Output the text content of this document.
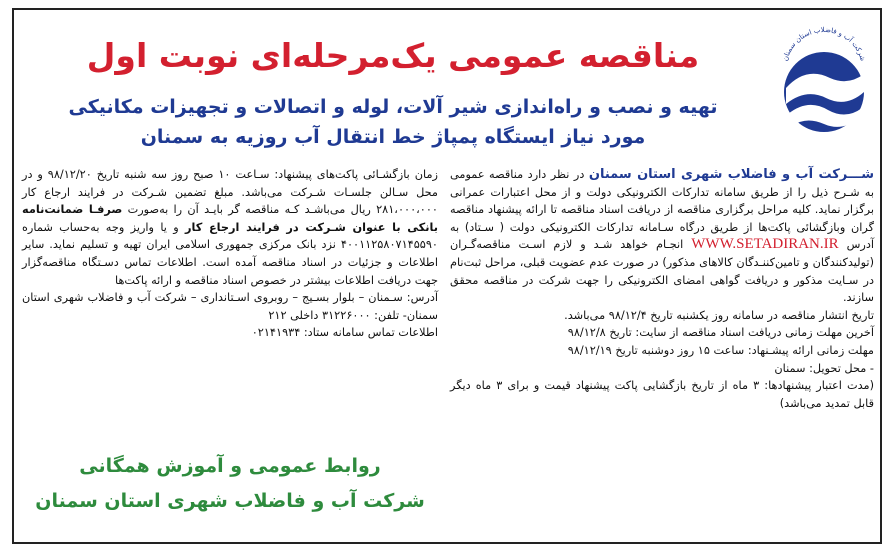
شرکت آب و فاضلاب استان سمنان
مناقصه عمومی یک‌مرحله‌ای نوبت اول
تهیه و نصب و راه‌اندازی شیر آلات، لوله و اتصالات و تجهیزات مکانیکی
مورد نیاز ایستگاه پمپاژ خط انتقال آب روزیه به سمنان

شـــرکت آب و فاضلاب شهری استان سمنان در نظر دارد مناقصه عمومی به شـرح ذیل را از طریق سامانه تدارکات الکترونیکی دولت و از محل اعتبارات عمرانی برگزار نماید. کلیه مراحل برگزاری مناقصه از دریافت اسناد مناقصه تا ارائه پیشنهاد مناقصه گران وبازگشائی پاکت‌ها از طریق درگاه سـامانه تدارکات الکترونیکی دولت ( سـتاد) به آدرس WWW.SETADIRAN.IR انجـام خواهد شـد و لازم اسـت مناقصه‌گـران (تولیدکنندگان و تامین‌کننـدگان کالاهای مذکور) در صورت عدم عضویت قبلی، مراحل ثبت‌نام در سـایت مذکور و دریافت گواهی امضای الکترونیکی را جهت شرکت در مناقصه محقق سازند.

تاریخ انتشار مناقصه در سامانه روز یکشنبه تاریخ ۹۸/۱۲/۴ می‌باشد.

آخرین مهلت زمانی دریافت اسناد مناقصه از سایت: تاریخ ۹۸/۱۲/۸

مهلت زمانی ارائه پیشـنهاد: ساعت ۱۵ روز دوشنبه تاریخ ۹۸/۱۲/۱۹

- محل تحویل: سمنان

(مدت اعتبار پیشنهادها: ۳ ماه از تاریخ بازگشایی پاکت پیشنهاد قیمت و برای ۳ ماه دیگر قابل تمدید می‌باشد)

زمان بازگشـائی پاکت‌های پیشنهاد: سـاعت ۱۰ صبح روز سه شنبه تاریخ ۹۸/۱۲/۲۰ و در محل سـالن جلسـات شـرکت می‌باشد. مبلغ تضمین شـرکت در فرایند ارجاع کار ۲۸۱،۰۰۰،۰۰۰ ریال می‌باشـد کـه مناقصه گر بایـد آن را به‌صورت صرفـا ضمانت‌نامه بانکی با عنوان شـرکت در فرایند ارجاع کار و یا واریز وجه به‌حساب شماره ۴۰۰۱۱۲۵۸۰۷۱۴۵۵۹۰ نزد بانک مرکزی جمهوری اسلامی ایران تهیه و تسلیم نماید. سایر اطلاعات و جزئیات در اسناد مناقصه آمده است. اطلاعات تماس دسـتگاه مناقصه‌گزار جهت دریافت اطلاعات بیشتر در خصوص اسناد مناقصه و ارائه پاکت‌ها

آدرس: سـمنان – بلوار بسـیج – روبروی اسـتانداری – شرکت آب و فاضلاب شهری استان سمنان- تلفن: ۳۱۲۲۶۰۰۰ داخلی ۲۱۲

اطلاعات تماس سامانه ستاد: ۰۲۱۴۱۹۳۴

روابط عمومی و آموزش همگانی
شرکت آب و فاضلاب شهری استان سمنان
